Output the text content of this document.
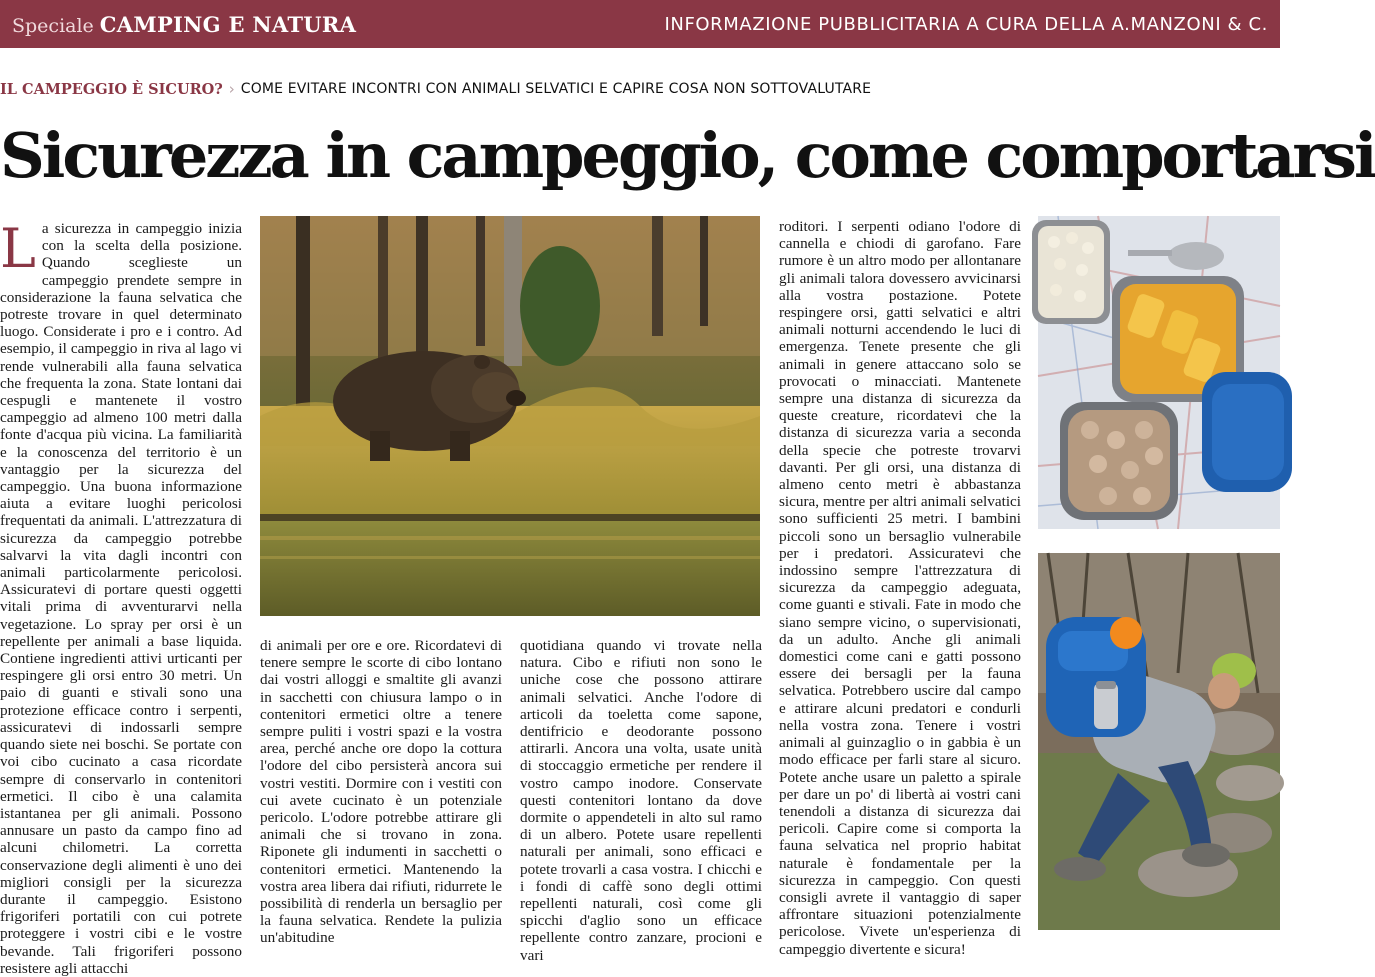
Speciale CAMPING E NATURA	INFORMAZIONE PUBBLICITARIA A CURA DELLA A.MANZONI & C.
IL CAMPEGGIO È SICURO? › COME EVITARE INCONTRI CON ANIMALI SELVATICI E CAPIRE COSA NON SOTTOVALUTARE
Sicurezza in campeggio, come comportarsi
L a sicurezza in campeggio inizia con la scelta della posizione. Quando sceglieste un campeggio prendete sempre in considerazione la fauna selvatica che potreste trovare in quel determinato luogo. Considerate i pro e i contro. Ad esempio, il campeggio in riva al lago vi rende vulnerabili alla fauna selvatica che frequenta la zona. State lontani dai cespugli e mantenete il vostro campeggio ad almeno 100 metri dalla fonte d'acqua più vicina. La familiarità e la conoscenza del territorio è un vantaggio per la sicurezza del campeggio. Una buona informazione aiuta a evitare luoghi pericolosi frequentati da animali. L'attrezzatura di sicurezza da campeggio potrebbe salvarvi la vita dagli incontri con animali particolarmente pericolosi. Assicuratevi di portare questi oggetti vitali prima di avventurarvi nella vegetazione. Lo spray per orsi è un repellente per animali a base liquida. Contiene ingredienti attivi urticanti per respingere gli orsi entro 30 metri. Un paio di guanti e stivali sono una protezione efficace contro i serpenti, assicuratevi di indossarli sempre quando siete nei boschi. Se portate con voi cibo cucinato a casa ricordate sempre di conservarlo in contenitori ermetici. Il cibo è una calamita istantanea per gli animali. Possono annusare un pasto da campo fino ad alcuni chilometri. La corretta conservazione degli alimenti è uno dei migliori consigli per la sicurezza durante il campeggio. Esistono frigoriferi portatili con cui potrete proteggere i vostri cibi e le vostre bevande. Tali frigoriferi possono resistere agli attacchi
di animali per ore e ore. Ricordatevi di tenere sempre le scorte di cibo lontano dai vostri alloggi e smaltite gli avanzi in sacchetti con chiusura lampo o in contenitori ermetici oltre a tenere sempre puliti i vostri spazi e la vostra area, perché anche ore dopo la cottura l'odore del cibo persisterà ancora sui vostri vestiti. Dormire con i vestiti con cui avete cucinato è un potenziale pericolo. L'odore potrebbe attirare gli animali che si trovano in zona. Riponete gli indumenti in sacchetti o contenitori ermetici. Mantenendo la vostra area libera dai rifiuti, ridurrete le possibilità di renderla un bersaglio per la fauna selvatica. Rendete la pulizia un'abitudine
quotidiana quando vi trovate nella natura. Cibo e rifiuti non sono le uniche cose che possono attirare animali selvatici. Anche l'odore di articoli da toeletta come sapone, dentifricio e deodorante possono attirarli. Ancora una volta, usate unità di stoccaggio ermetiche per rendere il vostro campo inodore. Conservate questi contenitori lontano da dove dormite o appendeteli in alto sul ramo di un albero. Potete usare repellenti naturali per animali, sono efficaci e potete trovarli a casa vostra. I chicchi e i fondi di caffè sono degli ottimi repellenti naturali, così come gli spicchi d'aglio sono un efficace repellente contro zanzare, procioni e vari
roditori. I serpenti odiano l'odore di cannella e chiodi di garofano. Fare rumore è un altro modo per allontanare gli animali talora dovessero avvicinarsi alla vostra postazione. Potete respingere orsi, gatti selvatici e altri animali notturni accendendo le luci di emergenza. Tenete presente che gli animali in genere attaccano solo se provocati o minacciati. Mantenete sempre una distanza di sicurezza da queste creature, ricordatevi che la distanza di sicurezza varia a seconda della specie che potreste trovarvi davanti. Per gli orsi, una distanza di almeno cento metri è abbastanza sicura, mentre per altri animali selvatici sono sufficienti 25 metri. I bambini piccoli sono un bersaglio vulnerabile per i predatori. Assicuratevi che indossino sempre l'attrezzatura di sicurezza da campeggio adeguata, come guanti e stivali. Fate in modo che siano sempre vicino, o supervisionati, da un adulto. Anche gli animali domestici come cani e gatti possono essere dei bersagli per la fauna selvatica. Potrebbero uscire dal campo e attirare alcuni predatori e condurli nella vostra zona. Tenere i vostri animali al guinzaglio o in gabbia è un modo efficace per farli stare al sicuro. Potete anche usare un paletto a spirale per dare un po' di libertà ai vostri cani tenendoli a distanza di sicurezza dai pericoli. Capire come si comporta la fauna selvatica nel proprio habitat naturale è fondamentale per la sicurezza in campeggio. Con questi consigli avrete il vantaggio di saper affrontare situazioni potenzialmente pericolose. Vivete un'esperienza di campeggio divertente e sicura!
